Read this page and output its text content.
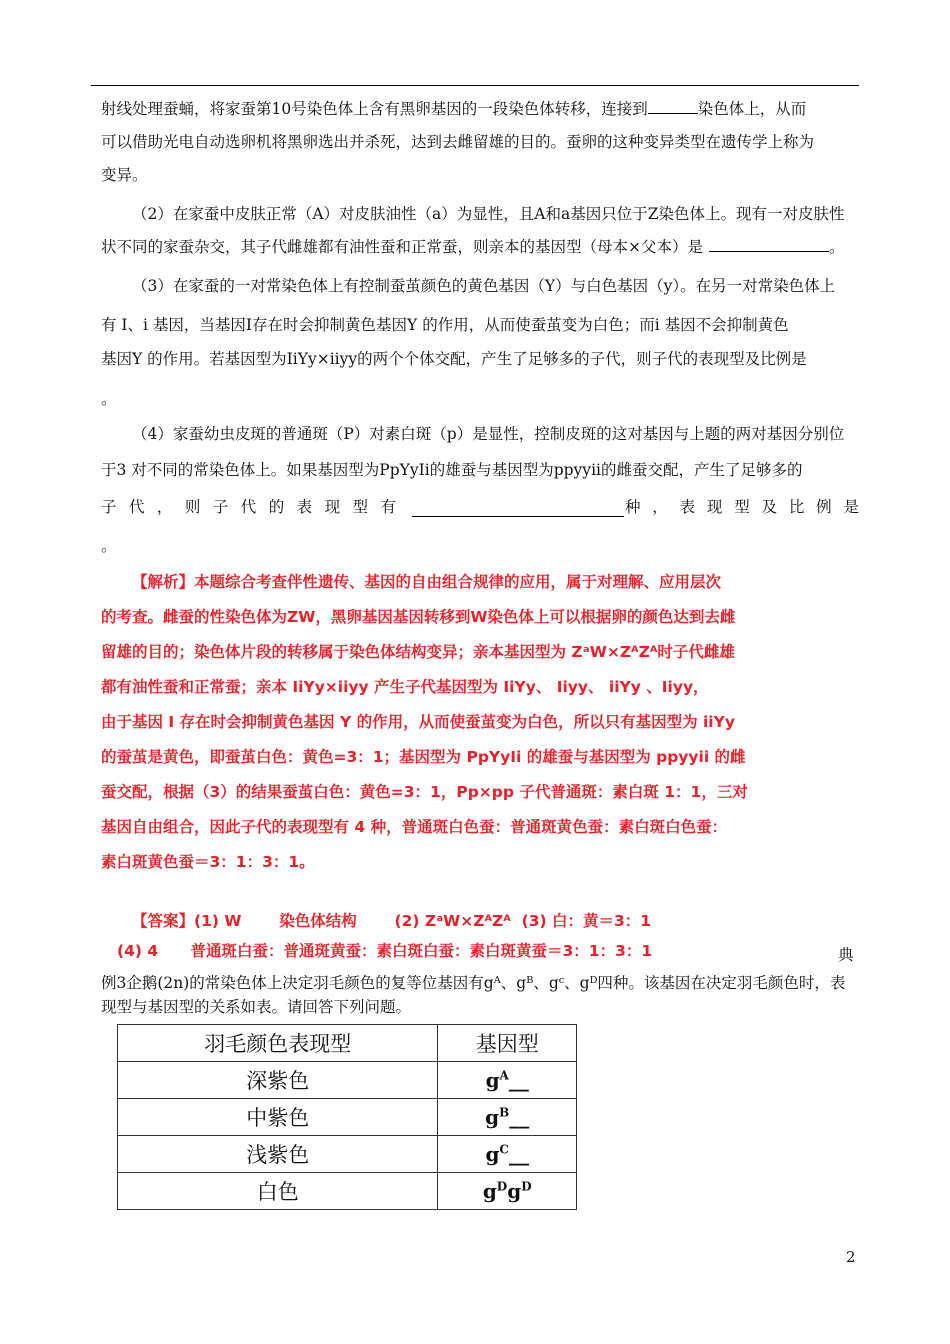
射线处理蚕蛹，将家蚕第10号染色体上含有黑卵基因的一段染色体转移，连接到	染色体上，从而

可以借助光电自动选卵机将黑卵选出并杀死，达到去雌留雄的目的。蚕卵的这种变异类型在遗传学上称为

变异。

（2）在家蚕中皮肤正常（A）对皮肤油性（a）为显性，且A和a基因只位于Z染色体上。现有一对皮肤性

状不同的家蚕杂交，其子代雌雄都有油性蚕和正常蚕，则亲本的基因型（母本×父本）是	。

（3）在家蚕的一对常染色体上有控制蚕茧颜色的黄色基因（Y）与白色基因（y）。在另一对常染色体上

有 I、i 基因，当基因I存在时会抑制黄色基因Y 的作用，从而使蚕茧变为白色；而i 基因不会抑制黄色

基因Y 的作用。若基因型为IiYy×iiyy的两个个体交配，产生了足够多的子代，则子代的表现型及比例是

。

（4）家蚕幼虫皮斑的普通斑（P）对素白斑（p）是显性，控制皮斑的这对基因与上题的两对基因分别位

于3 对不同的常染色体上。如果基因型为PpYyIi的雄蚕与基因型为ppyyii的雌蚕交配，产生了足够多的

子 代 ， 则 子 代 的 表 现 型 有	种 ， 表 现 型 及 比 例 是

。

【解析】本题综合考查伴性遗传、基因的自由组合规律的应用，属于对理解、应用层次

的考查。雌蚕的性染色体为ZW，黑卵基因基因转移到W染色体上可以根据卵的颜色达到去雌

留雄的目的；染色体片段的转移属于染色体结构变异；亲本基因型为 ZᵃW×ZᴬZᴬ时子代雌雄

都有油性蚕和正常蚕；亲本 IiYy×iiyy 产生子代基因型为 IiYy、 Iiyy、 iiYy 、Iiyy，

由于基因 I 存在时会抑制黄色基因 Y 的作用，从而使蚕茧变为白色，所以只有基因型为 iiYy

的蚕茧是黄色，即蚕茧白色：黄色=3：1；基因型为 PpYyIi 的雄蚕与基因型为 ppyyii 的雌

蚕交配，根据（3）的结果蚕茧白色：黄色=3：1，Pp×pp 子代普通斑：素白斑 1：1，三对

基因自由组合，因此子代的表现型有 4 种，普通斑白色蚕：普通斑黄色蚕：素白斑白色蚕：

素白斑黄色蚕＝3：1：3：1。

【答案】(1) W       染色体结构       (2) ZᵃW×ZᴬZᴬ  (3) 白：黄＝3：1

(4) 4      普通斑白蚕：普通斑黄蚕：素白斑白蚕：素白斑黄蚕＝3：1：3：1	典

例3企鹅(2n)的常染色体上决定羽毛颜色的复等位基因有gᴬ、gᴮ、gᶜ、gᴰ四种。该基因在决定羽毛颜色时，表

现型与基因型的关系如表。请回答下列问题。

羽毛颜色表现型	基因型
深紫色	$g^A\_\_$
中紫色	$g^B\_\_$
浅紫色	$g^C\_\_$
白色	$g^Dg^D$
2
